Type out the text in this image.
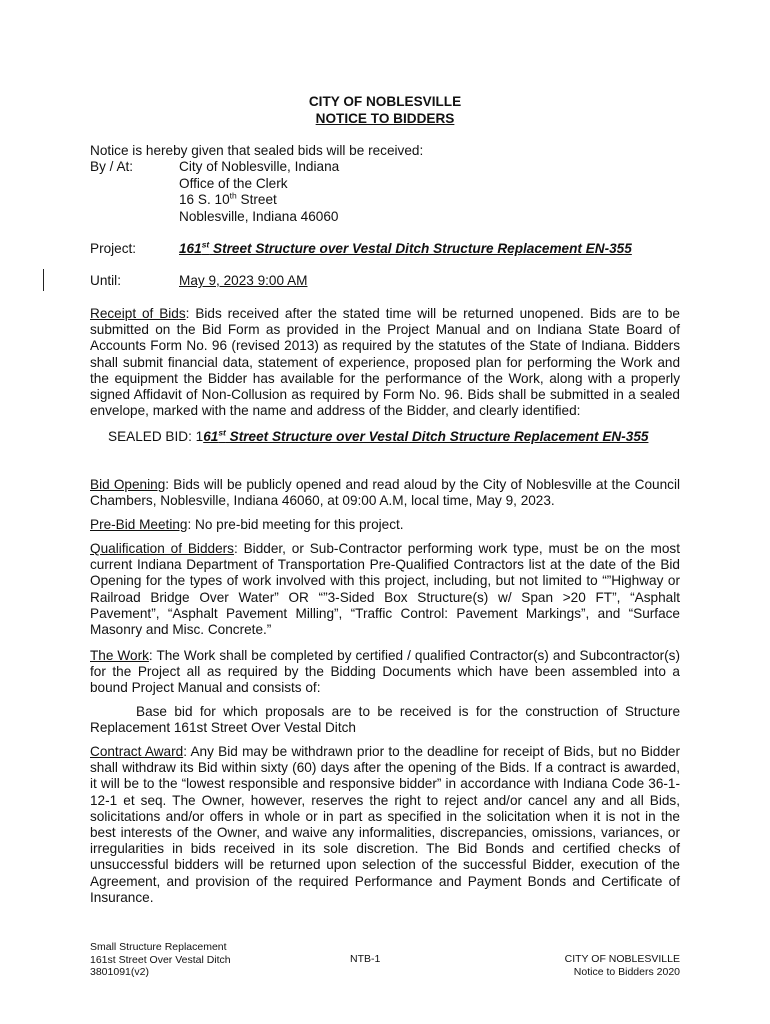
CITY OF NOBLESVILLE
NOTICE TO BIDDERS
Notice is hereby given that sealed bids will be received:
By / At:	City of Noblesville, Indiana
Office of the Clerk
16 S. 10th Street
Noblesville, Indiana 46060
Project:	161st Street Structure over Vestal Ditch Structure Replacement EN-355
Until:	May 9, 2023 9:00 AM
Receipt of Bids: Bids received after the stated time will be returned unopened. Bids are to be submitted on the Bid Form as provided in the Project Manual and on Indiana State Board of Accounts Form No. 96 (revised 2013) as required by the statutes of the State of Indiana. Bidders shall submit financial data, statement of experience, proposed plan for performing the Work and the equipment the Bidder has available for the performance of the Work, along with a properly signed Affidavit of Non-Collusion as required by Form No. 96. Bids shall be submitted in a sealed envelope, marked with the name and address of the Bidder, and clearly identified:
SEALED BID: 161st Street Structure over Vestal Ditch Structure Replacement EN-355
Bid Opening: Bids will be publicly opened and read aloud by the City of Noblesville at the Council Chambers, Noblesville, Indiana 46060, at 09:00 A.M, local time, May 9, 2023.
Pre-Bid Meeting: No pre-bid meeting for this project.
Qualification of Bidders: Bidder, or Sub-Contractor performing work type, must be on the most current Indiana Department of Transportation Pre-Qualified Contractors list at the date of the Bid Opening for the types of work involved with this project, including, but not limited to “”Highway or Railroad Bridge Over Water” OR “”3-Sided Box Structure(s) w/ Span >20 FT”, “Asphalt Pavement”, “Asphalt Pavement Milling”, “Traffic Control: Pavement Markings”, and “Surface Masonry and Misc. Concrete.”
The Work: The Work shall be completed by certified / qualified Contractor(s) and Subcontractor(s) for the Project all as required by the Bidding Documents which have been assembled into a bound Project Manual and consists of:
Base bid for which proposals are to be received is for the construction of Structure Replacement 161st Street Over Vestal Ditch
Contract Award: Any Bid may be withdrawn prior to the deadline for receipt of Bids, but no Bidder shall withdraw its Bid within sixty (60) days after the opening of the Bids. If a contract is awarded, it will be to the “lowest responsible and responsive bidder” in accordance with Indiana Code 36-1-12-1 et seq. The Owner, however, reserves the right to reject and/or cancel any and all Bids, solicitations and/or offers in whole or in part as specified in the solicitation when it is not in the best interests of the Owner, and waive any informalities, discrepancies, omissions, variances, or irregularities in bids received in its sole discretion. The Bid Bonds and certified checks of unsuccessful bidders will be returned upon selection of the successful Bidder, execution of the Agreement, and provision of the required Performance and Payment Bonds and Certificate of Insurance.
Small Structure Replacement
161st Street Over Vestal Ditch
3801091(v2)
NTB-1	CITY OF NOBLESVILLE
Notice to Bidders 2020
